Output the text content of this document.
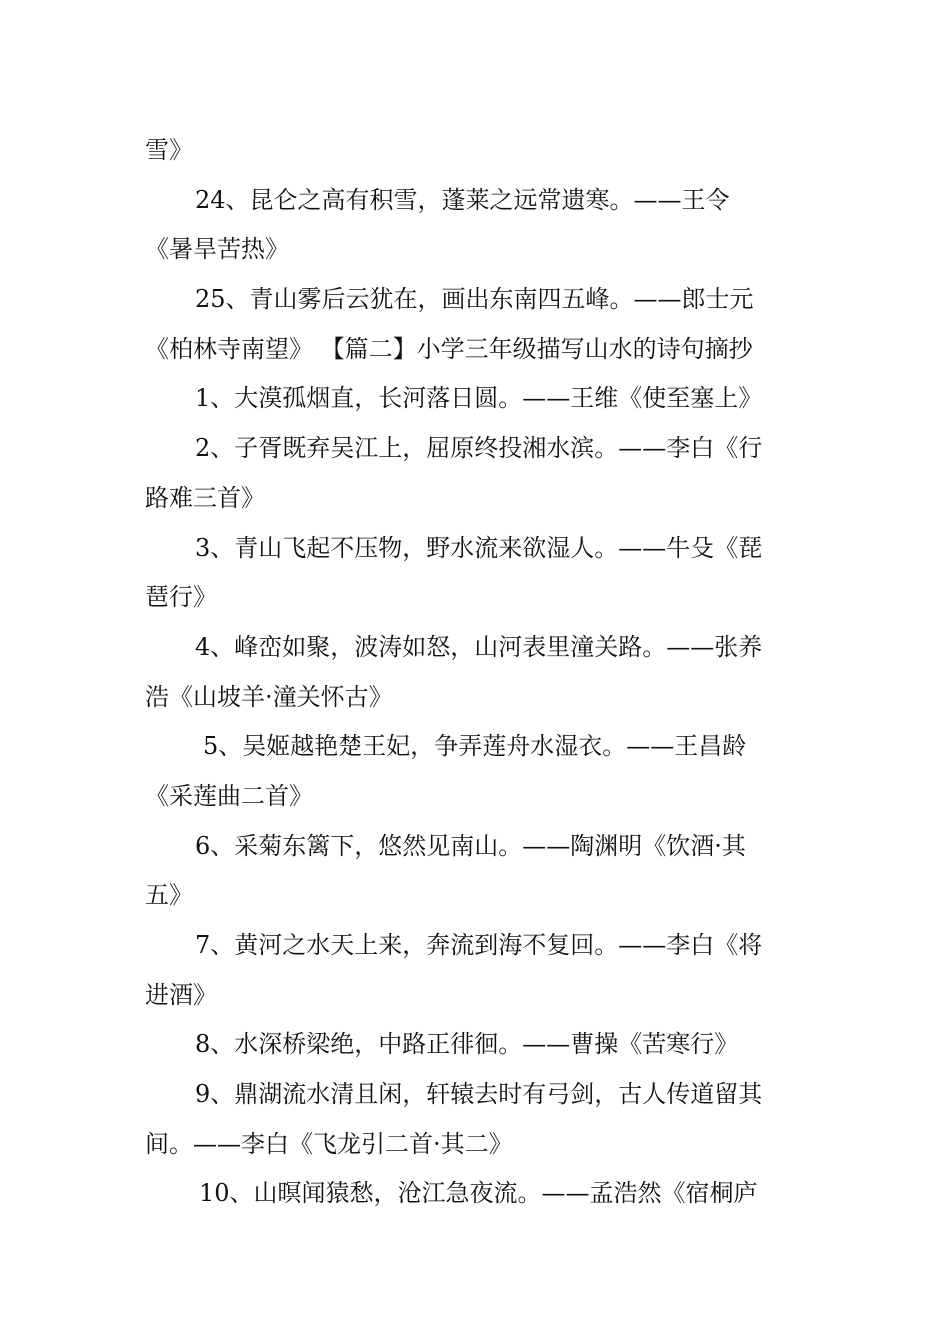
雪》
24、昆仑之高有积雪，蓬莱之远常遗寒。——王令
《暑旱苦热》
25、青山雾后云犹在，画出东南四五峰。——郎士元
《柏林寺南望》 【篇二】小学三年级描写山水的诗句摘抄
1、大漠孤烟直，长河落日圆。——王维《使至塞上》
2、子胥既弃吴江上，屈原终投湘水滨。——李白《行
路难三首》
3、青山飞起不压物，野水流来欲湿人。——牛殳《琵
琶行》
4、峰峦如聚，波涛如怒，山河表里潼关路。——张养
浩《山坡羊·潼关怀古》
5、吴姬越艳楚王妃，争弄莲舟水湿衣。——王昌龄
《采莲曲二首》
6、采菊东篱下，悠然见南山。——陶渊明《饮酒·其
五》
7、黄河之水天上来，奔流到海不复回。——李白《将
进酒》
8、水深桥梁绝，中路正徘徊。——曹操《苦寒行》
9、鼎湖流水清且闲，轩辕去时有弓剑，古人传道留其
间。——李白《飞龙引二首·其二》
10、山暝闻猿愁，沧江急夜流。——孟浩然《宿桐庐
